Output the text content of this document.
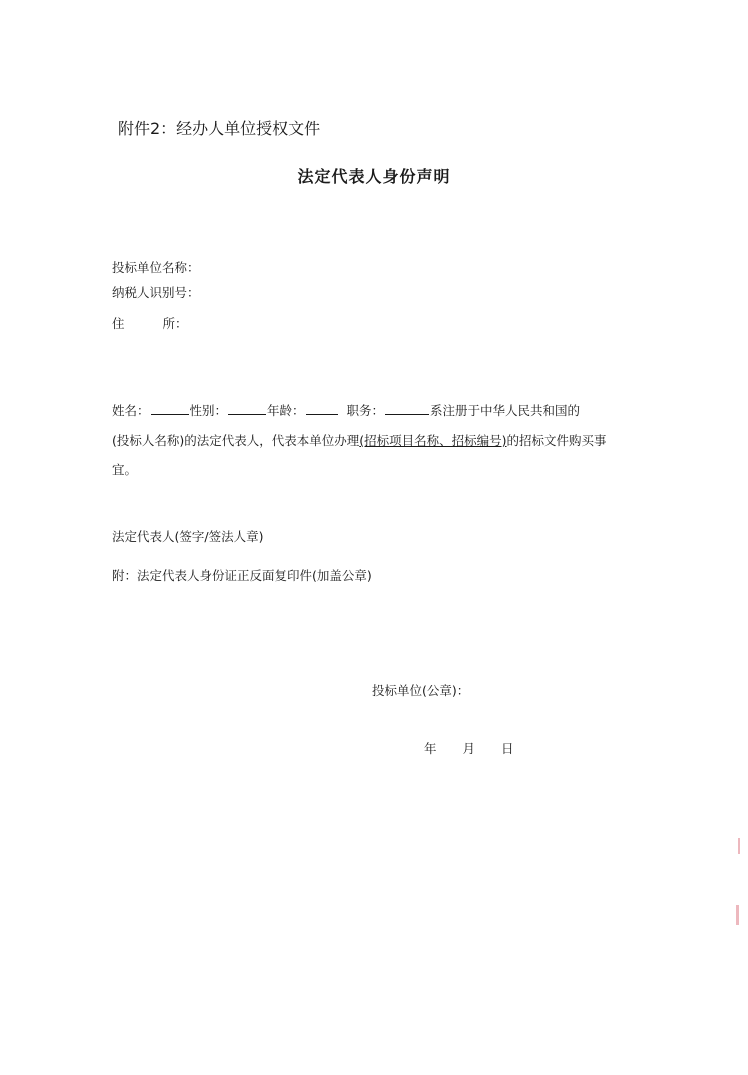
附件2：经办人单位授权文件
法定代表人身份声明
投标单位名称：
纳税人识别号：
住	所：
姓名：	性别：	年龄：	职务：	系注册于中华人民共和国的
(投标人名称)的法定代表人，代表本单位办理(招标项目名称、招标编号)的招标文件购买事
宜。
法定代表人(签字/签法人章)
附：法定代表人身份证正反面复印件(加盖公章)
投标单位(公章)：
年 月 日
